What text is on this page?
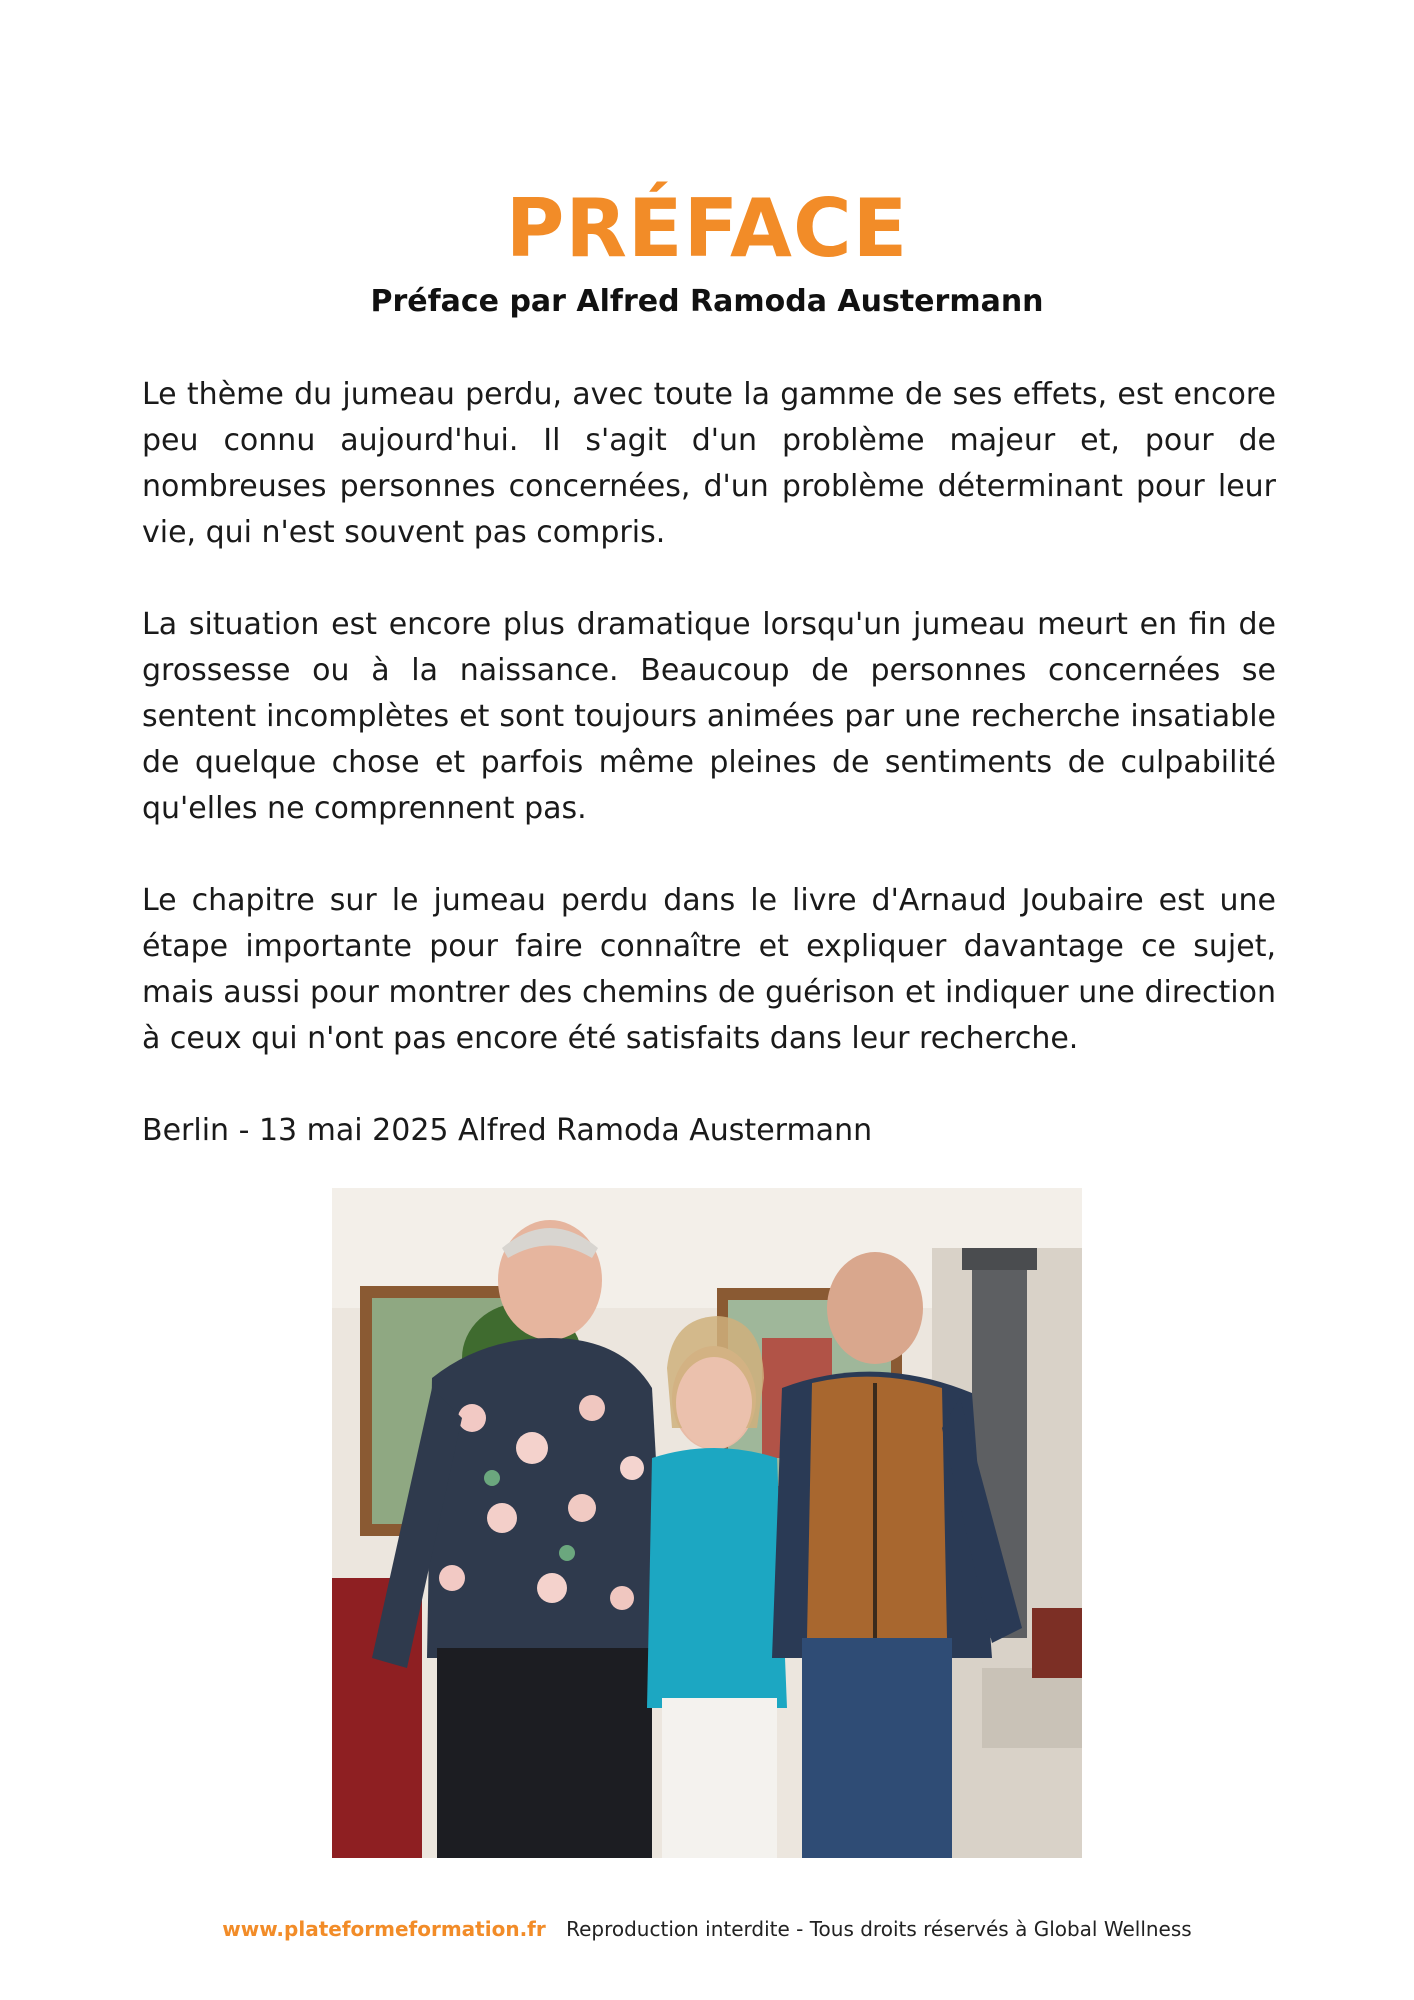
PRÉFACE
Préface par Alfred Ramoda Austermann

Le thème du jumeau perdu, avec toute la gamme de ses effets, est encore peu connu aujourd'hui. Il s'agit d'un problème majeur et, pour de nombreuses personnes concernées, d'un problème déterminant pour leur vie, qui n'est souvent pas compris.

La situation est encore plus dramatique lorsqu'un jumeau meurt en fin de grossesse ou à la naissance. Beaucoup de personnes concernées se sentent incomplètes et sont toujours animées par une recherche insatiable de quelque chose et parfois même pleines de sentiments de culpabilité qu'elles ne comprennent pas.

Le chapitre sur le jumeau perdu dans le livre d'Arnaud Joubaire est une étape importante pour faire connaître et expliquer davantage ce sujet, mais aussi pour montrer des chemins de guérison et indiquer une direction à ceux qui n'ont pas encore été satisfaits dans leur recherche.

Berlin - 13 mai 2025 Alfred Ramoda Austermann

www.plateformeformation.fr Reproduction interdite - Tous droits réservés à Global Wellness
